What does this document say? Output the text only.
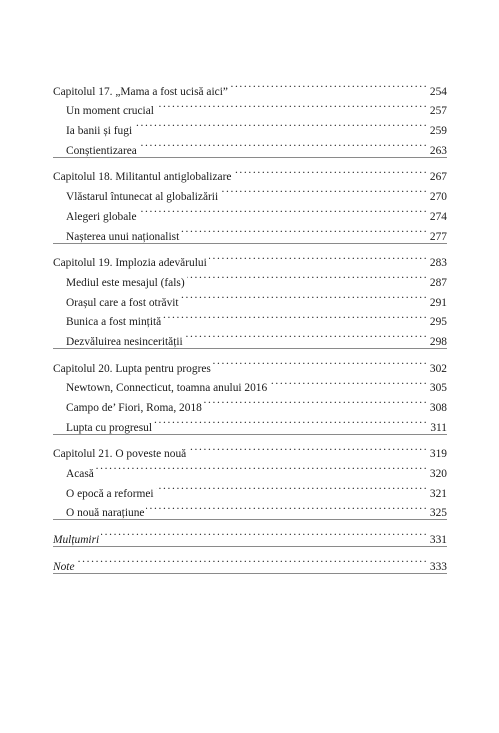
Capitolul 17. „Mama a fost ucisă aici” . . .	254
Un moment crucial . . .	257
Ia banii și fugi . . .	259
Conștientizarea . . .	263
Capitolul 18. Militantul antiglobalizare . . .	267
Vlăstarul întunecat al globalizării . . .	270
Alegeri globale . . .	274
Nașterea unui naționalist . . .	277
Capitolul 19. Implozia adevărului . . .	283
Mediul este mesajul (fals) . . .	287
Orașul care a fost otrăvit . . .	291
Bunica a fost mințită . . .	295
Dezvăluirea nesincerității . . .	298
Capitolul 20. Lupta pentru progres . . .	302
Newtown, Connecticut, toamna anului 2016 . . .	305
Campo de’ Fiori, Roma, 2018 . . .	308
Lupta cu progresul . . .	311
Capitolul 21. O poveste nouă . . .	319
Acasă . . .	320
O epocă a reformei . . .	321
O nouă narațiune . . .	325
Mulțumiri . . .	331
Note . . .	333
